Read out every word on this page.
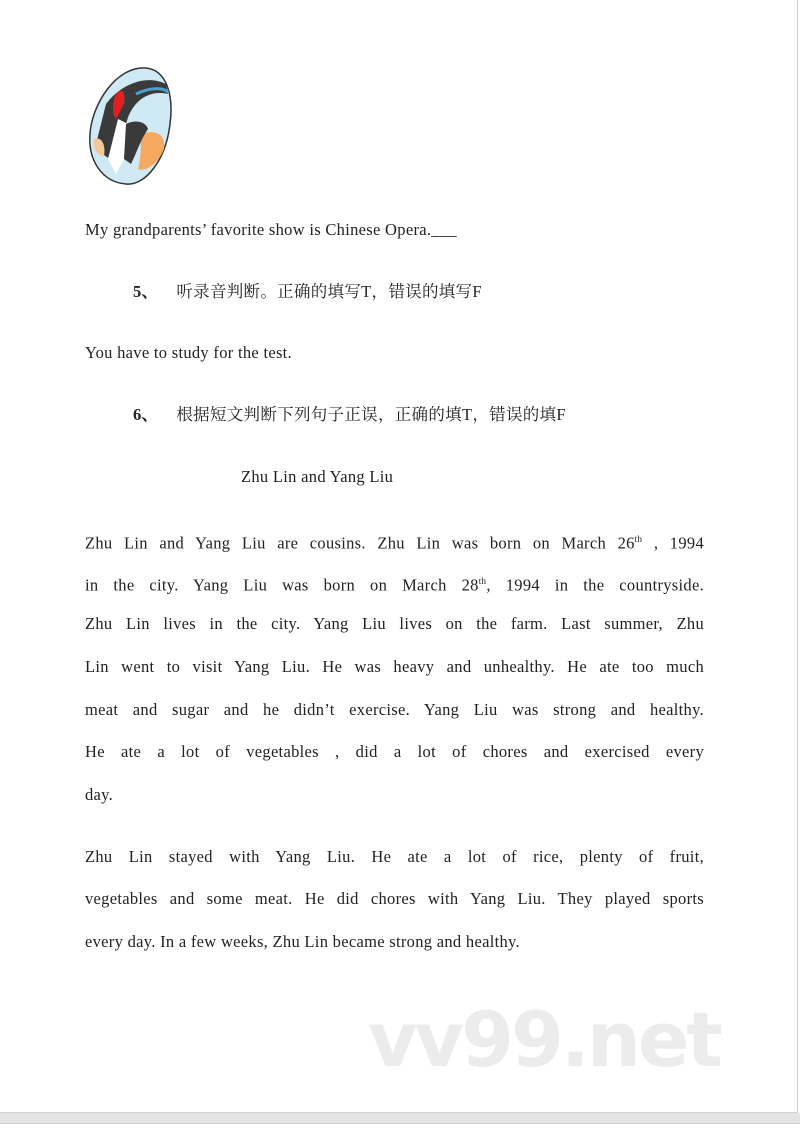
My grandparents’ favorite show is Chinese Opera.___
5、 听录音判断。正确的填写T，错误的填写F
You have to study for the test.
6、 根据短文判断下列句子正误，正确的填T，错误的填F
Zhu Lin and Yang Liu
Zhu Lin and Yang Liu are cousins. Zhu Lin was born on March 26th , 1994
in the city. Yang Liu was born on March 28th, 1994 in the countryside.
Zhu Lin lives in the city. Yang Liu lives on the farm. Last summer, Zhu
Lin went to visit Yang Liu. He was heavy and unhealthy. He ate too much
meat and sugar and he didn’t exercise. Yang Liu was strong and healthy.
He ate a lot of vegetables , did a lot of chores and exercised every
day.
Zhu Lin stayed with Yang Liu. He ate a lot of rice, plenty of fruit,
vegetables and some meat. He did chores with Yang Liu. They played sports
every day. In a few weeks, Zhu Lin became strong and healthy.
vv99.net
